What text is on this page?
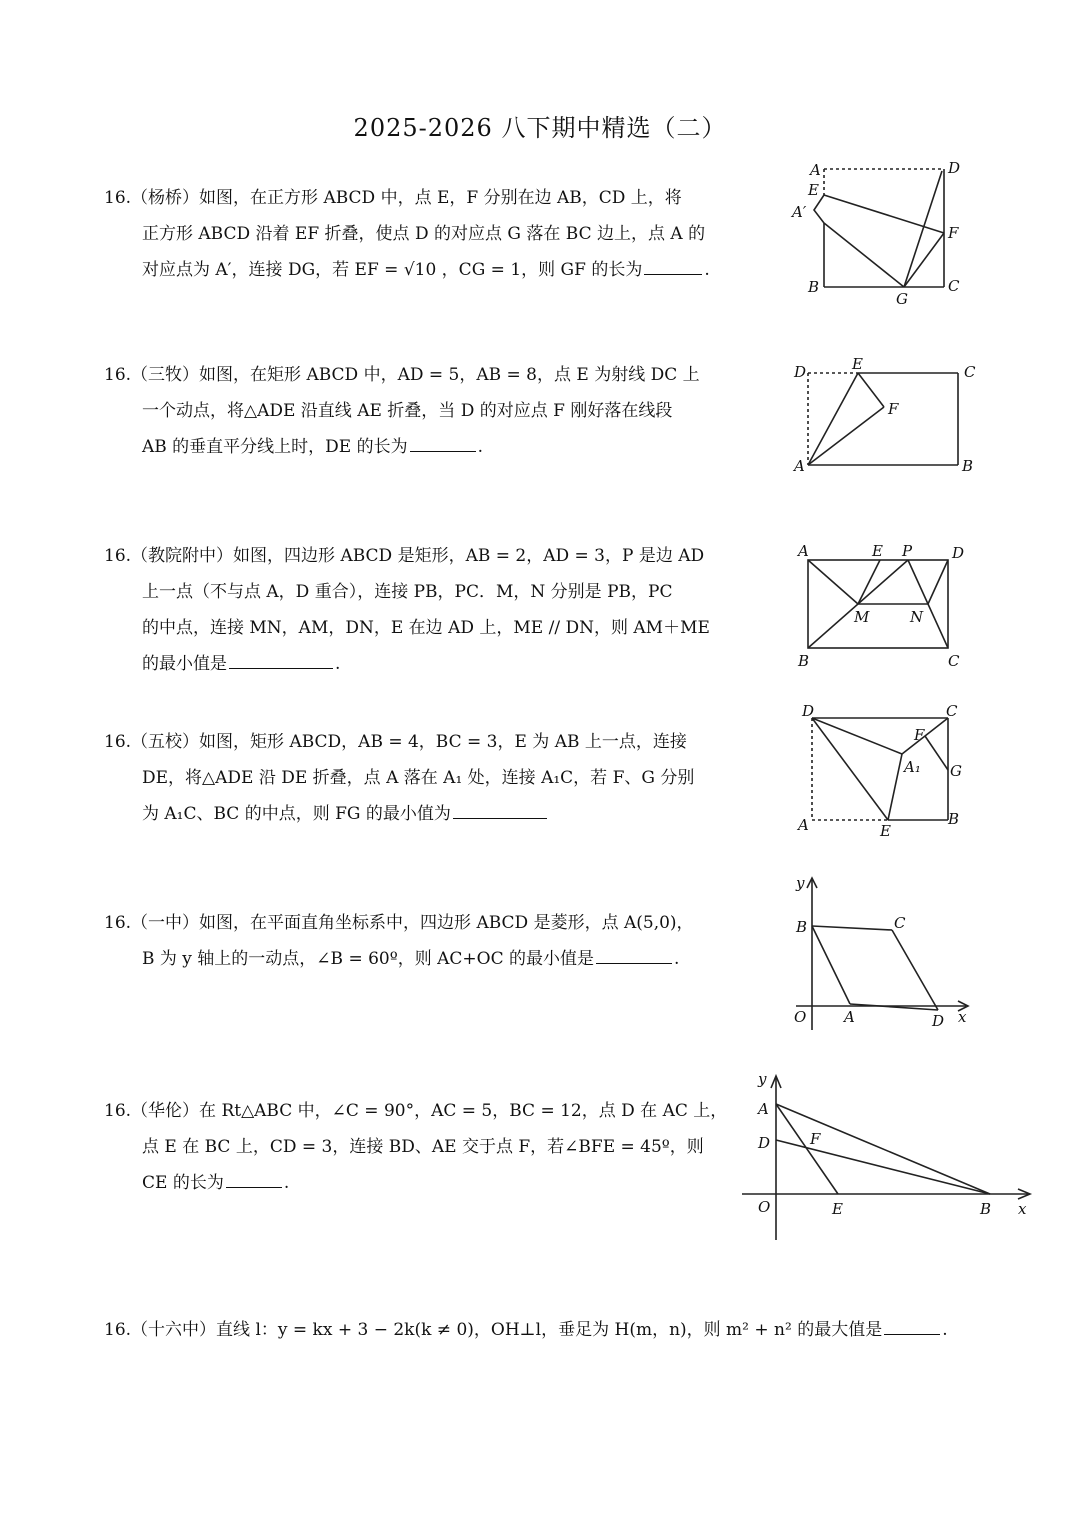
2025-2026 八下期中精选（二）
16.（杨桥）如图，在正方形 ABCD 中，点 E，F 分别在边 AB，CD 上，将
正方形 ABCD 沿着 EF 折叠，使点 D 的对应点 G 落在 BC 边上，点 A 的
对应点为 A′，连接 DG，若 EF = √10 ，CG = 1，则 GF 的长为	.
A	D
E
A′
F
B
G
C
16.（三牧）如图，在矩形 ABCD 中，AD = 5，AB = 8，点 E 为射线 DC 上
一个动点，将△ADE 沿直线 AE 折叠，当 D 的对应点 F 刚好落在线段
AB 的垂直平分线上时，DE 的长为	.
D	E	C
F
A	B
16.（教院附中）如图，四边形 ABCD 是矩形，AB = 2，AD = 3，P 是边 AD
上一点（不与点 A，D 重合），连接 PB，PC．M，N 分别是 PB，PC
的中点，连接 MN，AM，DN，E 在边 AD 上，ME // DN，则 AM＋ME
的最小值是	.
A	E P	D
M	N
B	C
16.（五校）如图，矩形 ABCD，AB = 4，BC = 3，E 为 AB 上一点，连接
DE，将△ADE 沿 DE 折叠，点 A 落在 A₁ 处，连接 A₁C，若 F、G 分别
为 A₁C、BC 的中点，则 FG 的最小值为
D	C
F
A₁ G
A	E
B
16.（一中）如图，在平面直角坐标系中，四边形 ABCD 是菱形，点 A(5,0)，
B 为 y 轴上的一动点，∠B = 60º，则 AC+OC 的最小值是	.
y
B	C
O	A	D x
16.（华伦）在 Rt△ABC 中，∠C = 90°，AC = 5，BC = 12，点 D 在 AC 上，
点 E 在 BC 上，CD = 3，连接 BD、AE 交于点 F，若∠BFE = 45º，则
CE 的长为	.
y
A
D	F
O	E	B x
16.（十六中）直线 l：y = kx + 3 − 2k(k ≠ 0)，OH⊥l，垂足为 H(m，n)，则 m² + n² 的最大值是	.
